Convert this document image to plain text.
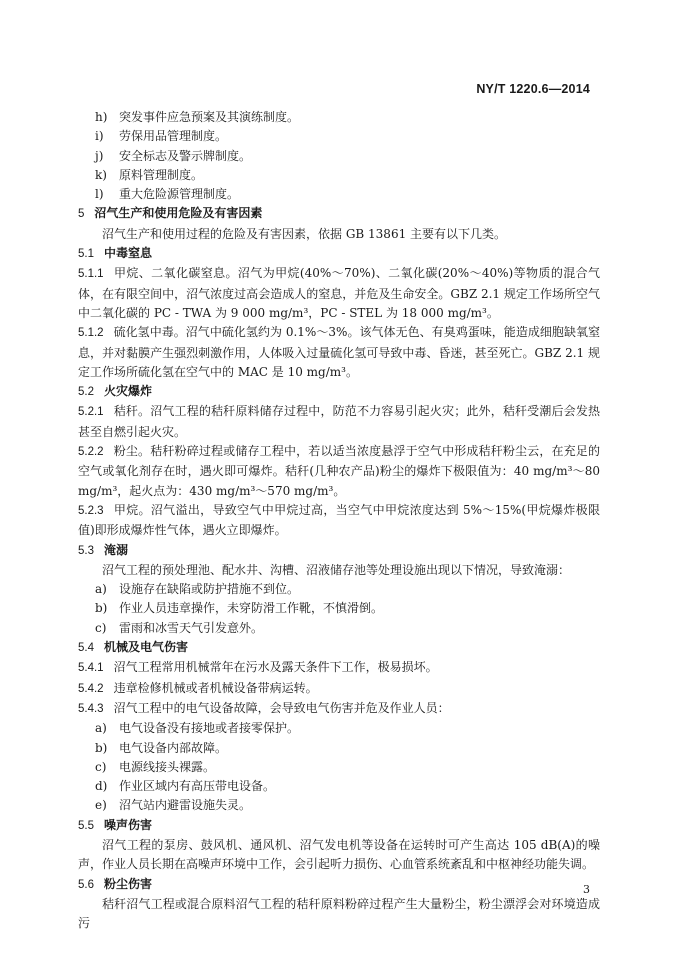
NY/T 1220.6—2014

h) 突发事件应急预案及其演练制度。

i) 劳保用品管理制度。

j) 安全标志及警示牌制度。

k) 原料管理制度。

l) 重大危险源管理制度。

5 沼气生产和使用危险及有害因素

沼气生产和使用过程的危险及有害因素，依据 GB 13861 主要有以下几类。

5.1 中毒窒息

5.1.1 甲烷、二氧化碳窒息。沼气为甲烷(40%～70%)、二氧化碳(20%～40%)等物质的混合气体，在有限空间中，沼气浓度过高会造成人的窒息，并危及生命安全。GBZ 2.1 规定工作场所空气中二氧化碳的 PC - TWA 为 9 000 mg/m³，PC - STEL 为 18 000 mg/m³。

5.1.2 硫化氢中毒。沼气中硫化氢约为 0.1%～3%。该气体无色、有臭鸡蛋味，能造成细胞缺氧窒息，并对黏膜产生强烈刺激作用，人体吸入过量硫化氢可导致中毒、昏迷，甚至死亡。GBZ 2.1 规定工作场所硫化氢在空气中的 MAC 是 10 mg/m³。

5.2 火灾爆炸

5.2.1 秸秆。沼气工程的秸秆原料储存过程中，防范不力容易引起火灾；此外，秸秆受潮后会发热甚至自燃引起火灾。

5.2.2 粉尘。秸秆粉碎过程或储存工程中，若以适当浓度悬浮于空气中形成秸秆粉尘云，在充足的空气或氧化剂存在时，遇火即可爆炸。秸秆(几种农产品)粉尘的爆炸下极限值为：40 mg/m³～80 mg/m³，起火点为：430 mg/m³～570 mg/m³。

5.2.3 甲烷。沼气溢出，导致空气中甲烷过高，当空气中甲烷浓度达到 5%～15%(甲烷爆炸极限值)即形成爆炸性气体，遇火立即爆炸。

5.3 淹溺

沼气工程的预处理池、配水井、沟槽、沼液储存池等处理设施出现以下情况，导致淹溺：

a) 设施存在缺陷或防护措施不到位。

b) 作业人员违章操作，未穿防滑工作靴，不慎滑倒。

c) 雷雨和冰雪天气引发意外。

5.4 机械及电气伤害

5.4.1 沼气工程常用机械常年在污水及露天条件下工作，极易损坏。

5.4.2 违章检修机械或者机械设备带病运转。

5.4.3 沼气工程中的电气设备故障，会导致电气伤害并危及作业人员：

a) 电气设备没有接地或者接零保护。

b) 电气设备内部故障。

c) 电源线接头裸露。

d) 作业区域内有高压带电设备。

e) 沼气站内避雷设施失灵。

5.5 噪声伤害

沼气工程的泵房、鼓风机、通风机、沼气发电机等设备在运转时可产生高达 105 dB(A)的噪声，作业人员长期在高噪声环境中工作，会引起听力损伤、心血管系统紊乱和中枢神经功能失调。

5.6 粉尘伤害

秸秆沼气工程或混合原料沼气工程的秸秆原料粉碎过程产生大量粉尘，粉尘漂浮会对环境造成污

3
